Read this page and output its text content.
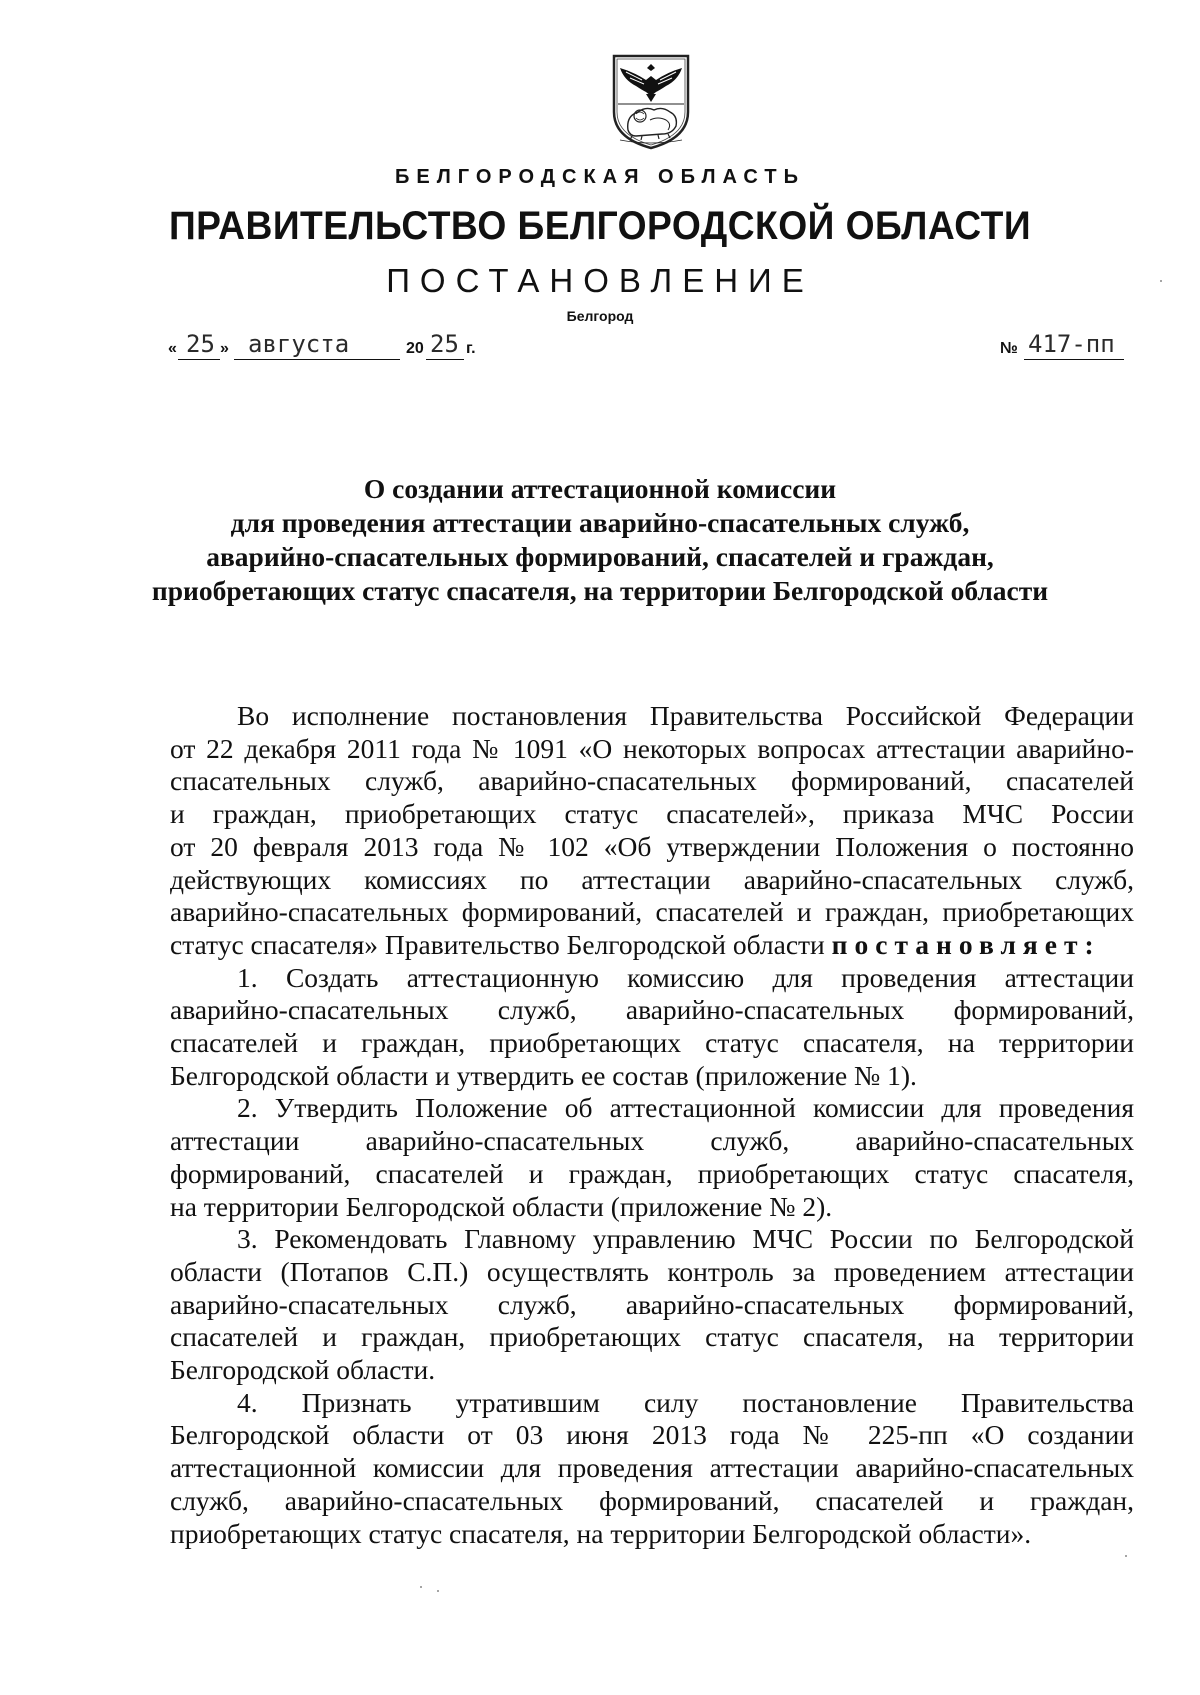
БЕЛГОРОДСКАЯ ОБЛАСТЬ
ПРАВИТЕЛЬСТВО БЕЛГОРОДСКОЙ ОБЛАСТИ
ПОСТАНОВЛЕНИЕ
Белгород
« 25 » августа	20 25 г.	№ 417-пп
О создании аттестационной комиссии
для проведения аттестации аварийно-спасательных служб,
аварийно-спасательных формирований, спасателей и граждан,
приобретающих статус спасателя, на территории Белгородской области
Во исполнение постановления Правительства Российской Федерации
от 22 декабря 2011 года № 1091 «О некоторых вопросах аттестации аварийно-
спасательных служб, аварийно-спасательных формирований, спасателей
и граждан, приобретающих статус спасателей», приказа МЧС России
от 20 февраля 2013 года № 102 «Об утверждении Положения о постоянно
действующих комиссиях по аттестации аварийно-спасательных служб,
аварийно-спасательных формирований, спасателей и граждан, приобретающих
статус спасателя» Правительство Белгородской области постановляет:
1. Создать аттестационную комиссию для проведения аттестации
аварийно-спасательных служб, аварийно-спасательных формирований,
спасателей и граждан, приобретающих статус спасателя, на территории
Белгородской области и утвердить ее состав (приложение № 1).
2. Утвердить Положение об аттестационной комиссии для проведения
аттестации аварийно-спасательных служб, аварийно-спасательных
формирований, спасателей и граждан, приобретающих статус спасателя,
на территории Белгородской области (приложение № 2).
3. Рекомендовать Главному управлению МЧС России по Белгородской
области (Потапов С.П.) осуществлять контроль за проведением аттестации
аварийно-спасательных служб, аварийно-спасательных формирований,
спасателей и граждан, приобретающих статус спасателя, на территории
Белгородской области.
4. Признать утратившим силу постановление Правительства
Белгородской области от 03 июня 2013 года № 225-пп «О создании
аттестационной комиссии для проведения аттестации аварийно-спасательных
служб, аварийно-спасательных формирований, спасателей и граждан,
приобретающих статус спасателя, на территории Белгородской области».
